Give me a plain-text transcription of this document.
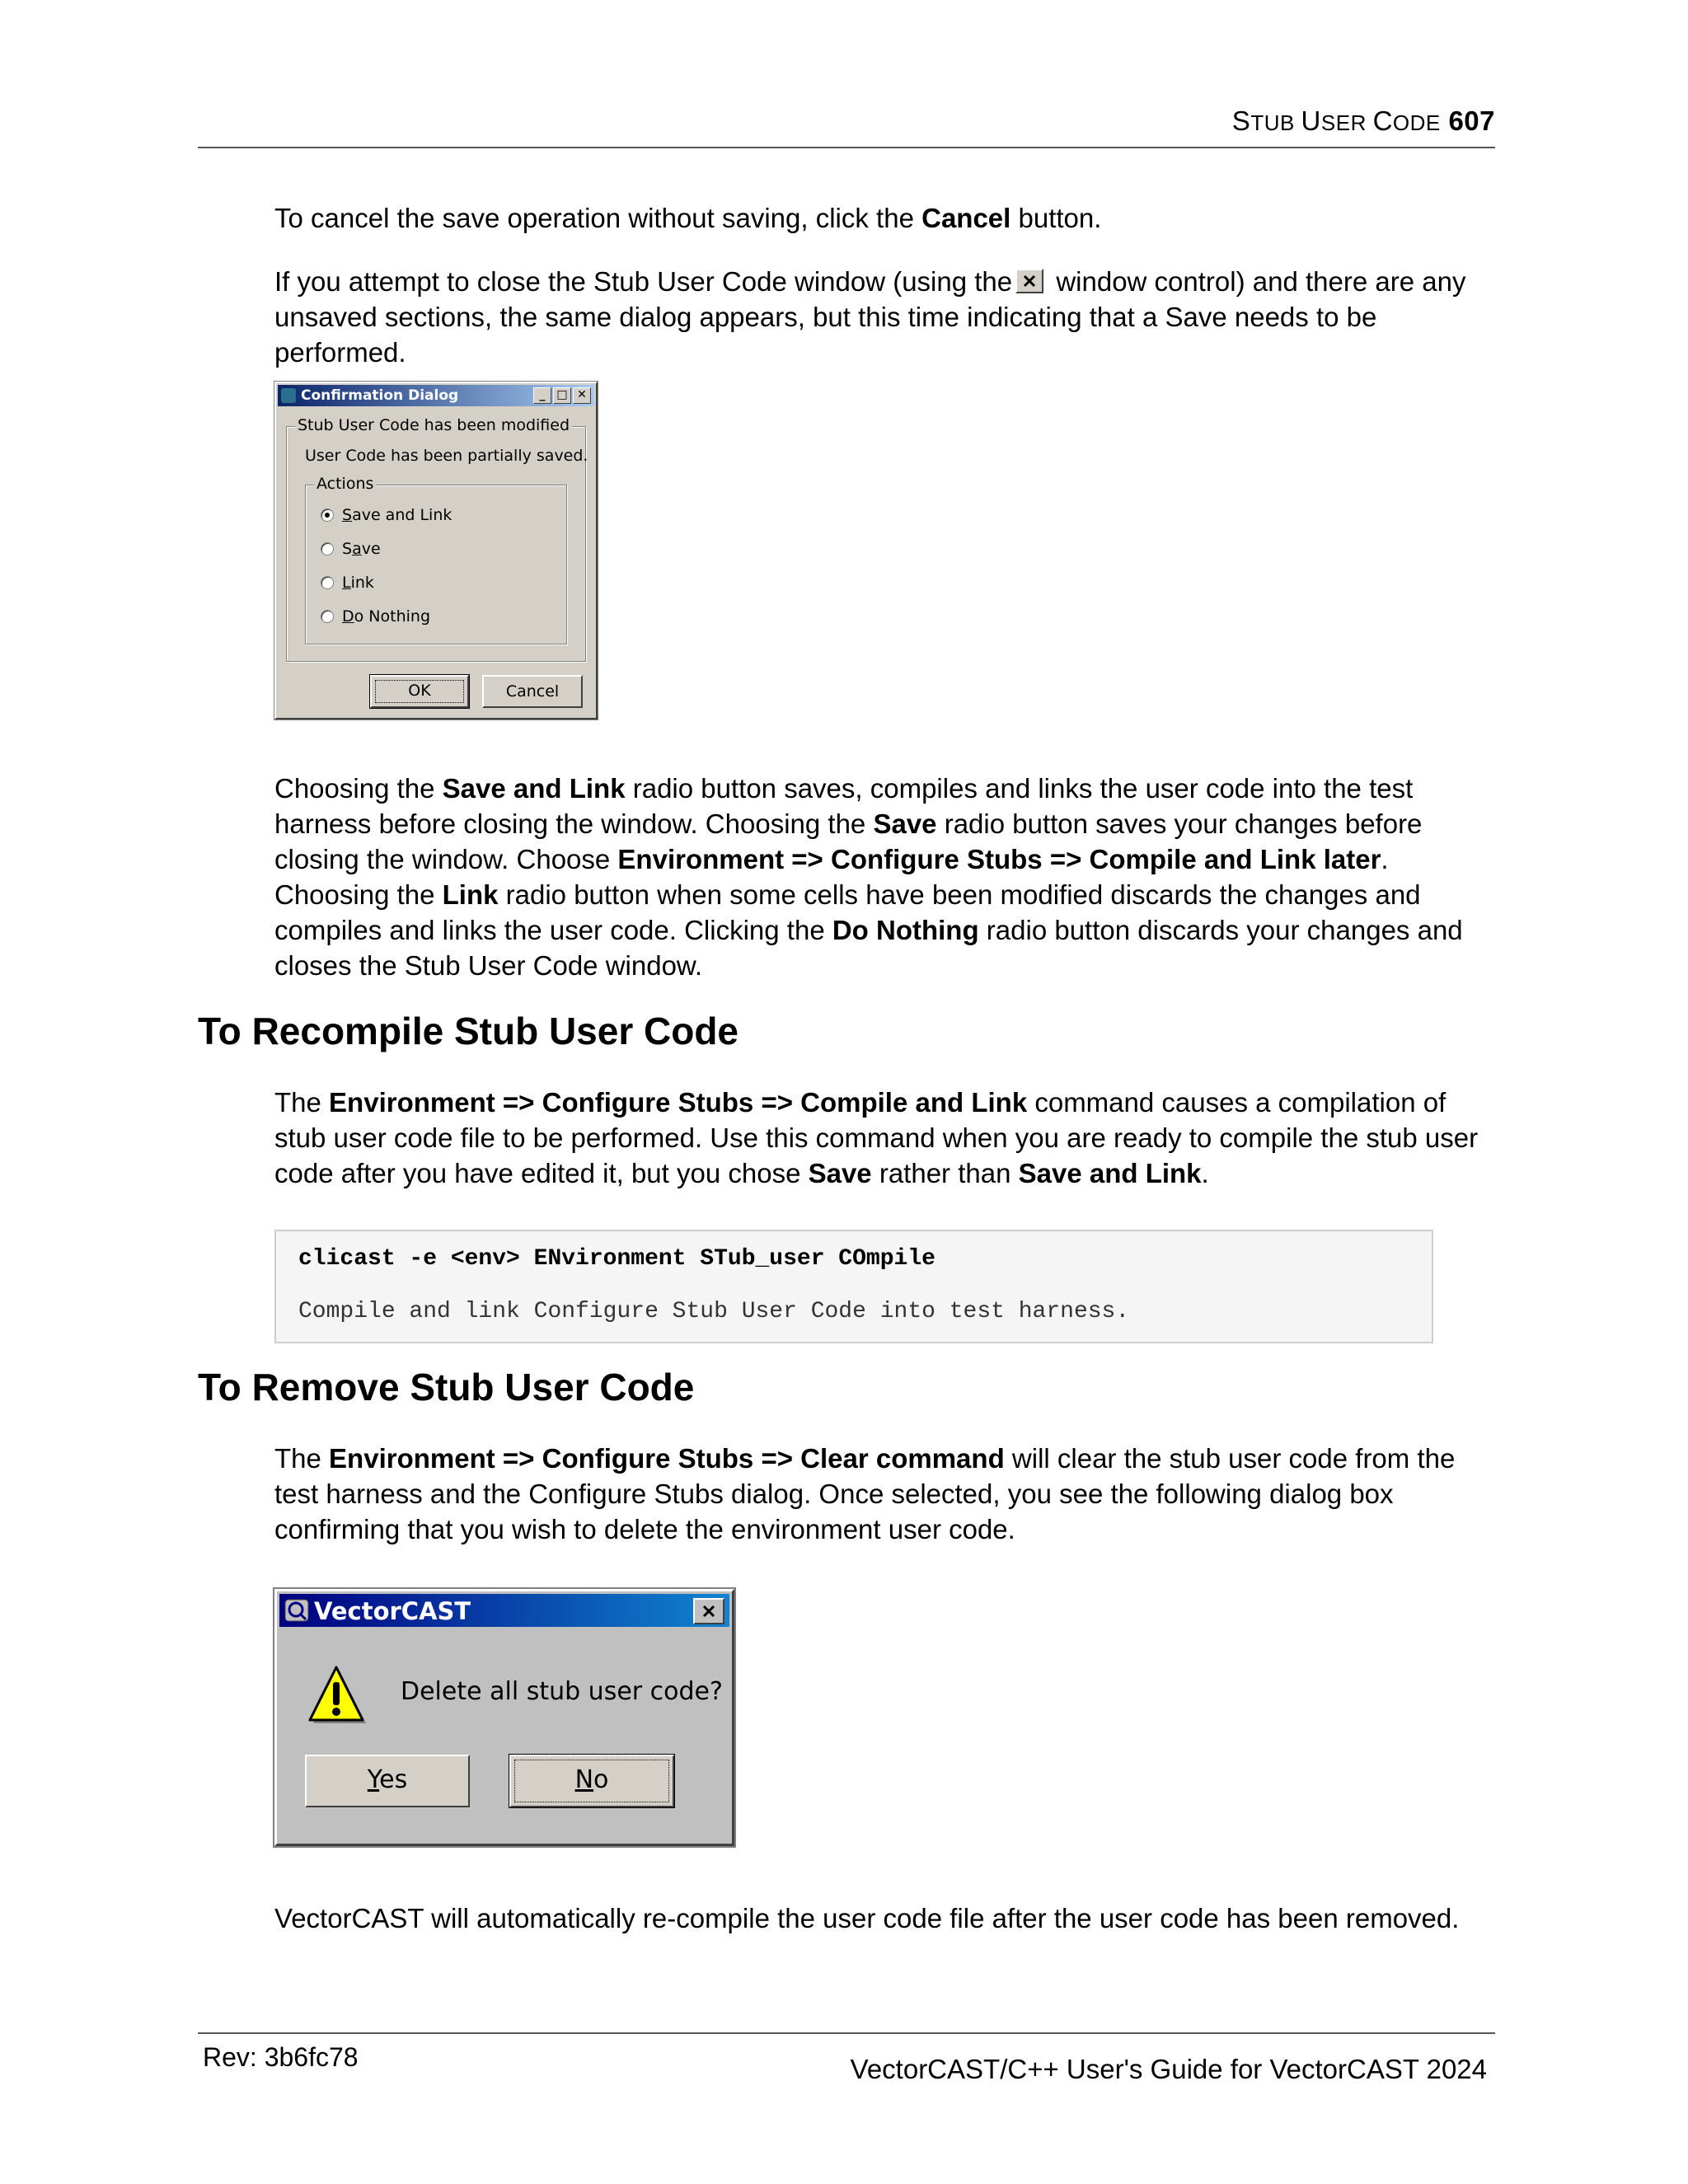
STUB USER CODE 607
To cancel the save operation without saving, click the Cancel button.
If you attempt to close the Stub User Code window (using the window control) and there are any unsaved sections, the same dialog appears, but this time indicating that a Save needs to be performed.
Confirmation Dialog	_ □ ✕
Stub User Code has been modified
User Code has been partially saved.
Actions
Save and Link
Save
Link
Do Nothing
OK	Cancel
Choosing the Save and Link radio button saves, compiles and links the user code into the test harness before closing the window. Choosing the Save radio button saves your changes before closing the window. Choose Environment => Configure Stubs => Compile and Link later. Choosing the Link radio button when some cells have been modified discards the changes and compiles and links the user code. Clicking the Do Nothing radio button discards your changes and closes the Stub User Code window.
To Recompile Stub User Code
The Environment => Configure Stubs => Compile and Link command causes a compilation of stub user code file to be performed. Use this command when you are ready to compile the stub user code after you have edited it, but you chose Save rather than Save and Link.
clicast -e <env> ENvironment STub_user COmpile
Compile and link Configure Stub User Code into test harness.
To Remove Stub User Code
The Environment => Configure Stubs => Clear command will clear the stub user code from the test harness and the Configure Stubs dialog. Once selected, you see the following dialog box confirming that you wish to delete the environment user code.
VectorCAST
Delete all stub user code?
Yes	No
VectorCAST will automatically re-compile the user code file after the user code has been removed.
Rev: 3b6fc78	VectorCAST/C++ User's Guide for VectorCAST 2024
